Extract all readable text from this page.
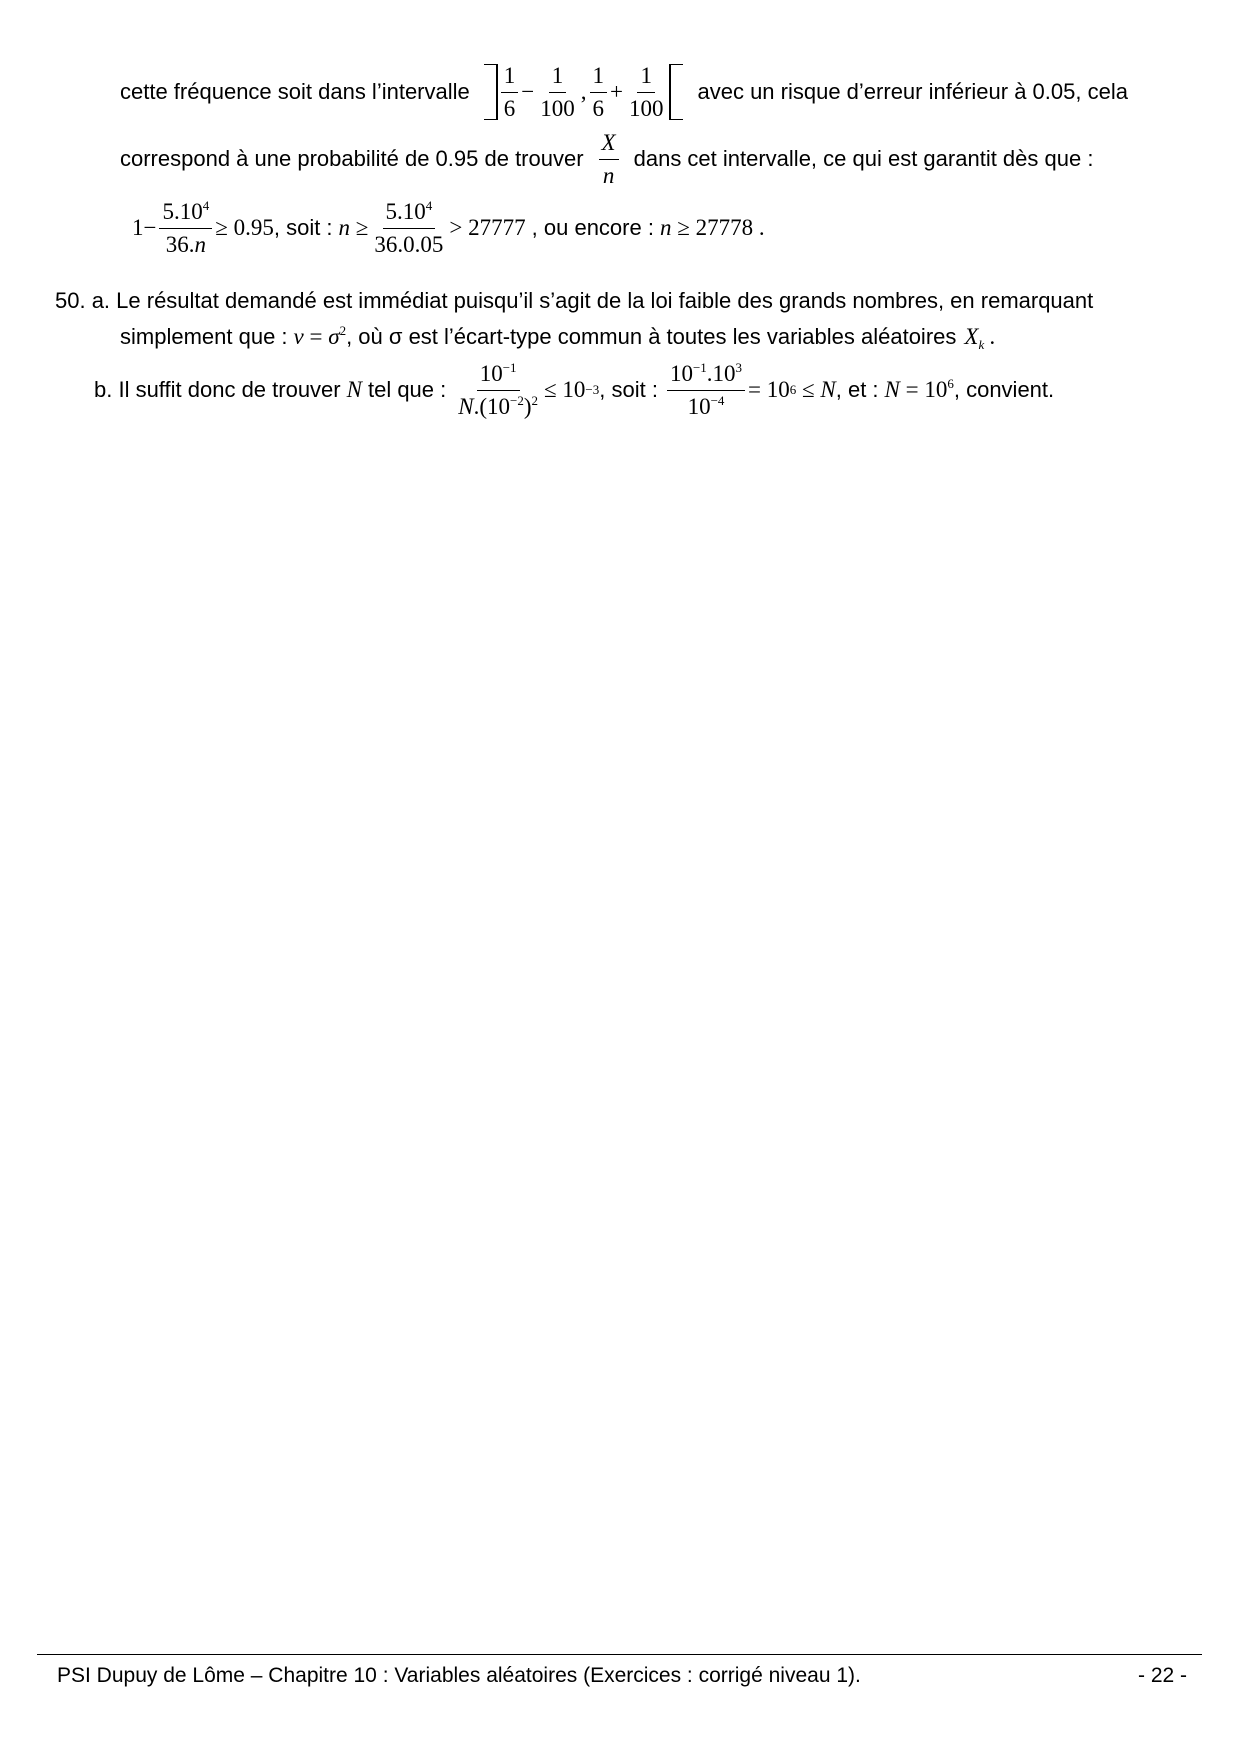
cette fréquence soit dans l’intervalle $\frac{1}{6} - \frac{1}{100}$ , $\frac{1}{6} + \frac{1}{100}$ avec un risque d’erreur inférieur à 0.05, cela
correspond à une probabilité de 0.95 de trouver $\frac{X}{n}$ dans cet intervalle, ce qui est garantit dès que :
$1- \frac{5.10^4}{36.n} \ge 0.95$ , soit : $n \ge \frac{5.10^4}{36.0.05} > 27777$ , ou encore : n ≥ 27778 .
50. a. Le résultat demandé est immédiat puisqu’il s’agit de la loi faible des grands nombres, en remarquant
simplement que : $v = \sigma^2$ , où σ est l’écart-type commun à toutes les variables aléatoires $X_k$ .
b. Il suffit donc de trouver N tel que : $\frac{10^{-1}}{N.(10^{-2})^2} \le 10 -3$ , soit : $\frac{10^{-1}.10^3}{10^{-4}} = 10$ 6 ≤ N , et : $N = 10^6$ , convient.
PSI Dupuy de Lôme – Chapitre 10 : Variables aléatoires (Exercices : corrigé niveau 1).	- 22 -
